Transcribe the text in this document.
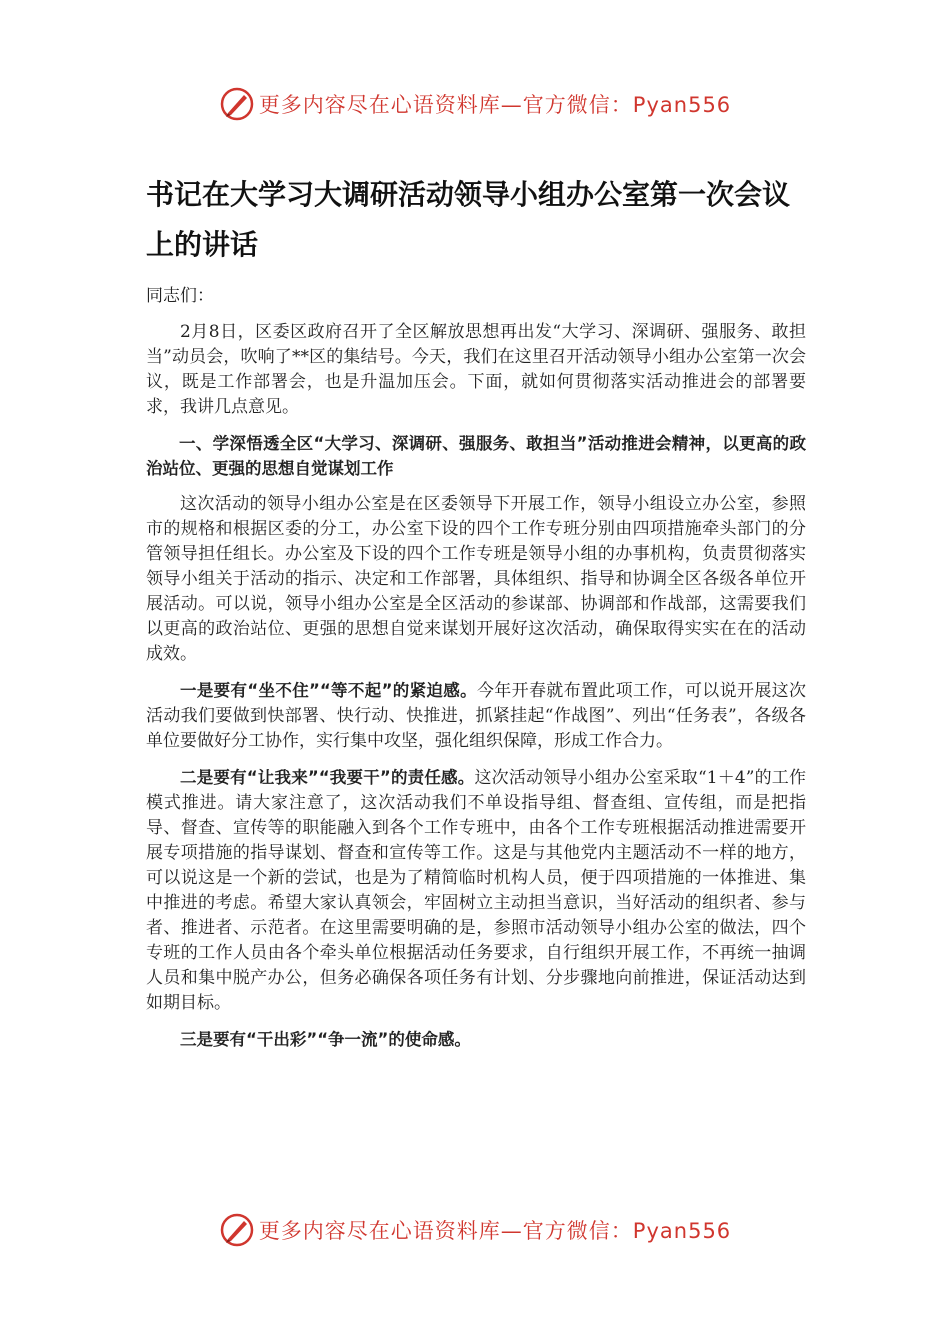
更多内容尽在心语资料库—官方微信：Pyan556
书记在大学习大调研活动领导小组办公室第一次会议上的讲话
同志们：

2月8日，区委区政府召开了全区解放思想再出发“大学习、深调研、强服务、敢担当”动员会，吹响了**区的集结号。今天，我们在这里召开活动领导小组办公室第一次会议，既是工作部署会，也是升温加压会。下面，就如何贯彻落实活动推进会的部署要求，我讲几点意见。

一、学深悟透全区“大学习、深调研、强服务、敢担当”活动推进会精神，以更高的政治站位、更强的思想自觉谋划工作

这次活动的领导小组办公室是在区委领导下开展工作，领导小组设立办公室，参照市的规格和根据区委的分工，办公室下设的四个工作专班分别由四项措施牵头部门的分管领导担任组长。办公室及下设的四个工作专班是领导小组的办事机构，负责贯彻落实领导小组关于活动的指示、决定和工作部署，具体组织、指导和协调全区各级各单位开展活动。可以说，领导小组办公室是全区活动的参谋部、协调部和作战部，这需要我们以更高的政治站位、更强的思想自觉来谋划开展好这次活动，确保取得实实在在的活动成效。

一是要有“坐不住”“等不起”的紧迫感。今年开春就布置此项工作，可以说开展这次活动我们要做到快部署、快行动、快推进，抓紧挂起“作战图”、列出“任务表”，各级各单位要做好分工协作，实行集中攻坚，强化组织保障，形成工作合力。

二是要有“让我来”“我要干”的责任感。这次活动领导小组办公室采取“1＋4”的工作模式推进。请大家注意了，这次活动我们不单设指导组、督查组、宣传组，而是把指导、督查、宣传等的职能融入到各个工作专班中，由各个工作专班根据活动推进需要开展专项措施的指导谋划、督查和宣传等工作。这是与其他党内主题活动不一样的地方，可以说这是一个新的尝试，也是为了精简临时机构人员，便于四项措施的一体推进、集中推进的考虑。希望大家认真领会，牢固树立主动担当意识，当好活动的组织者、参与者、推进者、示范者。在这里需要明确的是，参照市活动领导小组办公室的做法，四个专班的工作人员由各个牵头单位根据活动任务要求，自行组织开展工作，不再统一抽调人员和集中脱产办公，但务必确保各项任务有计划、分步骤地向前推进，保证活动达到如期目标。

三是要有“干出彩”“争一流”的使命感。

更多内容尽在心语资料库—官方微信：Pyan556
